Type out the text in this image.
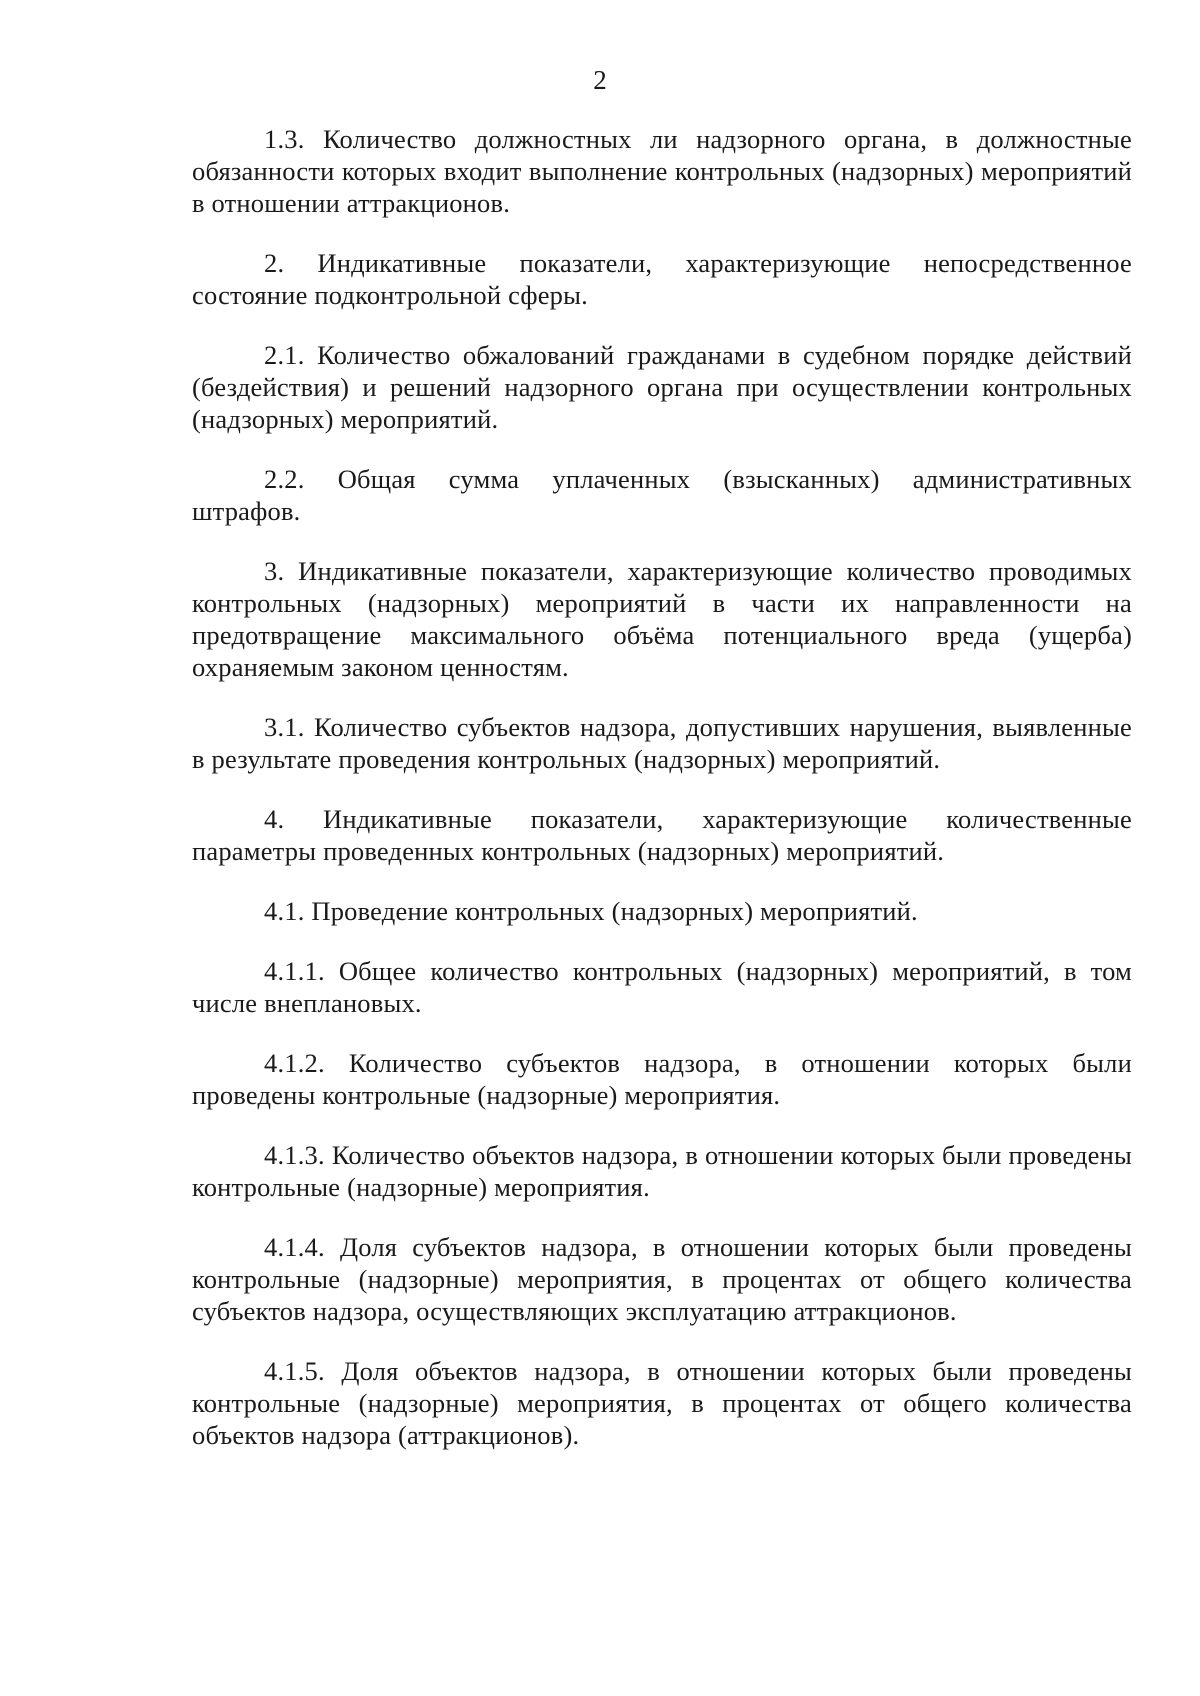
2

1.3. Количество должностных ли надзорного органа, в должностные обязанности которых входит выполнение контрольных (надзорных) мероприятий в отношении аттракционов.

2. Индикативные показатели, характеризующие непосредственное состояние подконтрольной сферы.

2.1. Количество обжалований гражданами в судебном порядке действий (бездействия) и решений надзорного органа при осуществлении контрольных (надзорных) мероприятий.

2.2. Общая сумма уплаченных (взысканных) административных штрафов.

3. Индикативные показатели, характеризующие количество проводимых контрольных (надзорных) мероприятий в части их направленности на предотвращение максимального объёма потенциального вреда (ущерба) охраняемым законом ценностям.

3.1. Количество субъектов надзора, допустивших нарушения, выявленные в результате проведения контрольных (надзорных) мероприятий.

4. Индикативные показатели, характеризующие количественные параметры проведенных контрольных (надзорных) мероприятий.

4.1. Проведение контрольных (надзорных) мероприятий.

4.1.1. Общее количество контрольных (надзорных) мероприятий, в том числе внеплановых.

4.1.2. Количество субъектов надзора, в отношении которых были проведены контрольные (надзорные) мероприятия.

4.1.3. Количество объектов надзора, в отношении которых были проведены контрольные (надзорные) мероприятия.

4.1.4. Доля субъектов надзора, в отношении которых были проведены контрольные (надзорные) мероприятия, в процентах от общего количества субъектов надзора, осуществляющих эксплуатацию аттракционов.

4.1.5. Доля объектов надзора, в отношении которых были проведены контрольные (надзорные) мероприятия, в процентах от общего количества объектов надзора (аттракционов).
